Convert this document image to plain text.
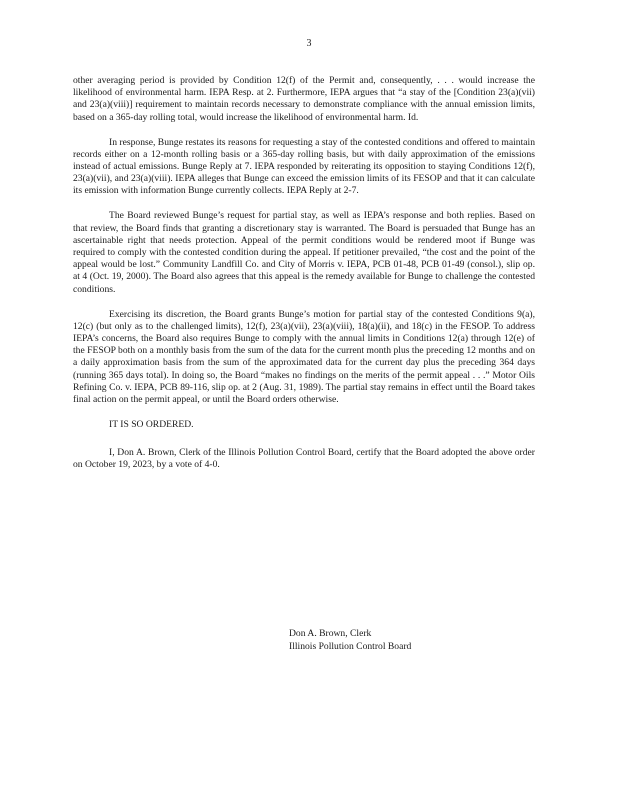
3

other averaging period is provided by Condition 12(f) of the Permit and, consequently, . . . would increase the likelihood of environmental harm. IEPA Resp. at 2. Furthermore, IEPA argues that “a stay of the [Condition 23(a)(vii) and 23(a)(viii)] requirement to maintain records necessary to demonstrate compliance with the annual emission limits, based on a 365-day rolling total, would increase the likelihood of environmental harm. Id.

In response, Bunge restates its reasons for requesting a stay of the contested conditions and offered to maintain records either on a 12-month rolling basis or a 365-day rolling basis, but with daily approximation of the emissions instead of actual emissions. Bunge Reply at 7. IEPA responded by reiterating its opposition to staying Conditions 12(f), 23(a)(vii), and 23(a)(viii). IEPA alleges that Bunge can exceed the emission limits of its FESOP and that it can calculate its emission with information Bunge currently collects. IEPA Reply at 2-7.

The Board reviewed Bunge’s request for partial stay, as well as IEPA’s response and both replies. Based on that review, the Board finds that granting a discretionary stay is warranted. The Board is persuaded that Bunge has an ascertainable right that needs protection. Appeal of the permit conditions would be rendered moot if Bunge was required to comply with the contested condition during the appeal. If petitioner prevailed, “the cost and the point of the appeal would be lost.” Community Landfill Co. and City of Morris v. IEPA, PCB 01-48, PCB 01-49 (consol.), slip op. at 4 (Oct. 19, 2000). The Board also agrees that this appeal is the remedy available for Bunge to challenge the contested conditions.

Exercising its discretion, the Board grants Bunge’s motion for partial stay of the contested Conditions 9(a), 12(c) (but only as to the challenged limits), 12(f), 23(a)(vii), 23(a)(viii), 18(a)(ii), and 18(c) in the FESOP. To address IEPA’s concerns, the Board also requires Bunge to comply with the annual limits in Conditions 12(a) through 12(e) of the FESOP both on a monthly basis from the sum of the data for the current month plus the preceding 12 months and on a daily approximation basis from the sum of the approximated data for the current day plus the preceding 364 days (running 365 days total). In doing so, the Board “makes no findings on the merits of the permit appeal . . .” Motor Oils Refining Co. v. IEPA, PCB 89-116, slip op. at 2 (Aug. 31, 1989). The partial stay remains in effect until the Board takes final action on the permit appeal, or until the Board orders otherwise.

IT IS SO ORDERED.

I, Don A. Brown, Clerk of the Illinois Pollution Control Board, certify that the Board adopted the above order on October 19, 2023, by a vote of 4-0.

Don A. Brown, Clerk
Illinois Pollution Control Board
